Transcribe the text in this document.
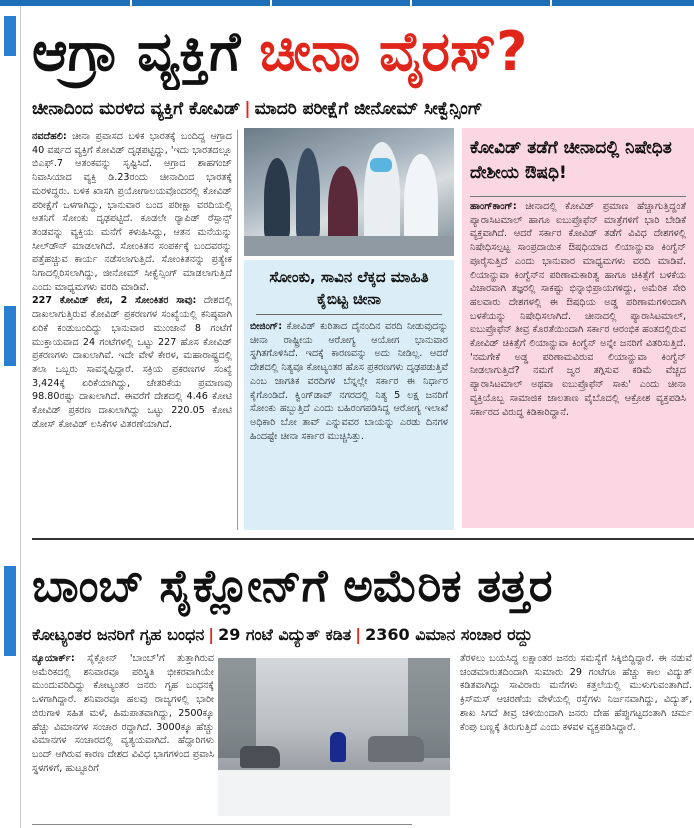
ಆಗ್ರಾ ವ್ಯಕ್ತಿಗೆ ಚೀನಾ ವೈರಸ್?
ಚೀನಾದಿಂದ ಮರಳಿದ ವ್ಯಕ್ತಿಗೆ ಕೋವಿಡ್ | ಮಾದರಿ ಪರೀಕ್ಷೆಗೆ ಜೀನೋಮ್ ಸೀಕ್ವೆನ್ಸಿಂಗ್
ನವದೆಹಲಿ: ಚೀನಾ ಪ್ರವಾಸದ ಬಳಿಕ ಭಾರತಕ್ಕೆ ಬಂದಿದ್ದ ಆಗ್ರಾದ 40 ವರ್ಷದ ವ್ಯಕ್ತಿಗೆ ಕೋವಿಡ್ ದೃಢಪಟ್ಟಿದ್ದು, 'ಇದು ಭಾರತದಲ್ಲೂ ಬಿಎಫ್.7 ಆತಂಕವನ್ನು ಸೃಷ್ಟಿಸಿದೆ. ಆಗ್ರಾದ ಶಾಹಗಂಜ್ ನಿವಾಸಿಯಾದ ವ್ಯಕ್ತಿ ಡಿ.23ರಂದು ಚೀನಾದಿಂದ ಭಾರತಕ್ಕೆ ಮರಳಿದ್ದರು. ಬಳಿಕ ಖಾಸಗಿ ಪ್ರಯೋಗಾಲಯವೊಂದರಲ್ಲಿ ಕೋವಿಡ್ ಪರೀಕ್ಷೆಗೆ ಒಳಗಾಗಿದ್ದು, ಭಾನುವಾರ ಬಂದ ಪರೀಕ್ಷಾ ವರದಿಯಲ್ಲಿ ಆತನಿಗೆ ಸೋಂಕು ದೃಢಪಟ್ಟಿದೆ. ಕೂಡಲೇ ರ‍್ಯಾಪಿಡ್ ರೆಸ್ಪಾನ್ಸ್ ತಂಡವನ್ನು ವ್ಯಕ್ತಿಯ ಮನೆಗೆ ಕಳುಹಿಸಿದ್ದು, ಆತನ ಮನೆಯನ್ನು ಸೀಲ್‌ಡೌನ್ ಮಾಡಲಾಗಿದೆ. ಸೋಂಕಿತನ ಸಂಪರ್ಕಕ್ಕೆ ಬಂದವರನ್ನು ಪತ್ತೆಹಚ್ಚುವ ಕಾರ್ಯ ನಡೆಸಲಾಗುತ್ತಿದೆ. ಸೋಂಕಿತನನ್ನು ಪ್ರತ್ಯೇಕ ನಿಗಾದಲ್ಲಿರಿಸಲಾಗಿದ್ದು, ಜೀನೋಮ್ ಸೀಕ್ವೆನ್ಸಿಂಗ್ ಮಾಡಲಾಗುತ್ತಿದೆ ಎಂದು ಮಾಧ್ಯಮಗಳು ವರದಿ ಮಾಡಿವೆ.
227 ಕೋವಿಡ್ ಕೇಸ, 2 ಸೋಂಕಿತರ ಸಾವು: ದೇಶದಲ್ಲಿ ದಾಖಲಾಗುತ್ತಿರುವ ಕೋವಿಡ್ ಪ್ರಕರಣಗಳ ಸಂಖ್ಯೆಯಲ್ಲಿ ಕನಿಷ್ಠವಾಗಿ ಏರಿಕೆ ಕಂಡುಬಂದಿದ್ದು ಭಾನುವಾರ ಮುಂಜಾನೆ 8 ಗಂಟೆಗೆ ಮುಕ್ತಾಯವಾದ 24 ಗಂಟೆಗಳಲ್ಲಿ ಒಟ್ಟು 227 ಹೊಸ ಕೋವಿಡ್ ಪ್ರಕರಣಗಳು ದಾಖಲಾಗಿವೆ. ಇದೇ ವೇಳೆ ಕೇರಳ, ಮಹಾರಾಷ್ಟ್ರದಲ್ಲಿ ತಲಾ ಒಬ್ಬರು ಸಾವನ್ನಪ್ಪಿದ್ದಾರೆ. ಸಕ್ರಿಯ ಪ್ರಕರಣಗಳ ಸಂಖ್ಯೆ 3,424ಕ್ಕೆ ಏರಿಕೆಯಾಗಿದ್ದು, ಚೇತರಿಕೆಯ ಪ್ರಮಾಣವು 98.80ರಷ್ಟು ದಾಖಲಾಗಿದೆ. ಈವರೆಗೆ ದೇಶದಲ್ಲಿ 4.46 ಕೋಟಿ ಕೋವಿಡ್ ಪ್ರಕರಣ ದಾಖಲಾಗಿದ್ದು ಒಟ್ಟು 220.05 ಕೋಟಿ ಡೋಸ್ ಕೋವಿಡ್ ಲಸಿಕೆಗಳ ವಿತರಣೆಯಾಗಿದೆ.
ಸೋಂಕು, ಸಾವಿನ ಲೆಕ್ಕದ ಮಾಹಿತಿ ಕೈಬಿಟ್ಟ ಚೀನಾ
ಬೀಜಿಂಗ್: ಕೋವಿಡ್ ಕುರಿತಾದ ದೈನಂದಿನ ವರದಿ ನೀಡುವುದನ್ನು ಚೀನಾ ರಾಷ್ಟ್ರೀಯ ಆರೋಗ್ಯ ಆಯೋಗ ಭಾನುವಾರ ಸ್ಥಗಿತಗೊಳಿಸಿದೆ. ಇದಕ್ಕೆ ಕಾರಣವನ್ನು ಅದು ನೀಡಿಲ್ಲ. ಆದರೆ ದೇಶದಲ್ಲಿ ನಿತ್ಯವೂ ಕೋಟ್ಯಂತರ ಹೊಸ ಪ್ರಕರಣಗಳು ದೃಢಪಡುತ್ತಿವೆ ಎಂಬ ಜಾಗತಿಕ ವರದಿಗಳ ಬೆನ್ನಲ್ಲೇ ಸರ್ಕಾರ ಈ ನಿರ್ಧಾರ ಕೈಗೊಂಡಿದೆ. ಕ್ವಿಂಗ್‌ಡಾವ್ ನಗರದಲ್ಲಿ ನಿತ್ಯ 5 ಲಕ್ಷ ಜನರಿಗೆ ಸೋಂಕು ಹಬ್ಬುತ್ತಿದೆ ಎಂದು ಬಹಿರಂಗಪಡಿಸಿದ್ದ ಆರೋಗ್ಯ ಇಲಾಖೆ ಅಧಿಕಾರಿ ಬೋ ತಾವ್ ಎನ್ನುವವರ ಬಾಯನ್ನು ಎರಡು ದಿನಗಳ ಹಿಂದಷ್ಟೇ ಚೀನಾ ಸರ್ಕಾರ ಮುಚ್ಚಿಸಿತ್ತು.
ಕೋವಿಡ್ ತಡೆಗೆ ಚೀನಾದಲ್ಲಿ ನಿಷೇಧಿತ ದೇಶೀಯ ಔಷಧಿ!
ಹಾಂಗ್‌ಕಾಂಗ್: ಚೀನಾದಲ್ಲಿ ಕೋವಿಡ್ ಪ್ರಮಾಣ ಹೆಚ್ಚಾಗುತ್ತಿದ್ದಂತೆ ಪ್ಯಾರಾಸಿಟಮಾಲ್ ಹಾಗೂ ಐಬುಪ್ರೊಫೆನ್ ಮಾತ್ರೆಗಳಿಗೆ ಭಾರಿ ಬೇಡಿಕೆ ವ್ಯಕ್ತವಾಗಿದೆ. ಆದರೆ ಸರ್ಕಾರ ಕೋವಿಡ್ ತಡೆಗೆ ವಿವಿಧ ದೇಶಗಳಲ್ಲಿ ನಿಷೇಧಿಸಲ್ಪಟ್ಟ ಸಾಂಪ್ರದಾಯಿಕ ಔಷಧಿಯಾದ ಲಿಯಾನ್ಹುವಾ ಕಿಂಗ್ವೆನ್ ಪೂರೈಸುತ್ತಿದೆ ಎಂದು ಭಾನುವಾರ ಮಾಧ್ಯಮಗಳು ವರದಿ ಮಾಡಿವೆ. ಲಿಯಾನ್ಹುವಾ ಕಿಂಗ್ವೆನ್‌ನ ಪರಿಣಾಮಕಾರಿತ್ವ ಹಾಗೂ ಚಿಕಿತ್ಸೆಗೆ ಬಳಕೆಯ ವಿಚಾರವಾಗಿ ತಜ್ಞರಲ್ಲಿ ಸಾಕಷ್ಟು ಭಿನ್ನಾಭಿಪ್ರಾಯಗಳಿದ್ದು, ಅಮೆರಿಕ ಸೇರಿ ಹಲವಾರು ದೇಶಗಳಲ್ಲಿ ಈ ಔಷಧಿಯ ಅಡ್ಡ ಪರಿಣಾಮಗಳಿಂದಾಗಿ ಬಳಕೆಯನ್ನು ನಿಷೇಧಿಸಲಾಗಿದೆ. ಚೀನಾದಲ್ಲಿ ಪ್ಯಾರಾಸಿಟಮಾಲ್, ಐಬುಪ್ರೊಫೆನ್ ತೀವ್ರ ಕೊರತೆಯಿಂದಾಗಿ ಸರ್ಕಾರ ಆರಂಭಿಕ ಹಂತದಲ್ಲಿರುವ ಕೋವಿಡ್ ಚಿಕಿತ್ಸೆಗೆ ಲಿಯಾನ್ಹುವಾ ಕಿಂಗ್ವೆನ್ ಅನ್ನೇ ಜನರಿಗೆ ವಿತರಿಸುತ್ತಿದೆ. 'ನಮಗೇಕೆ ಅಡ್ಡ ಪರಿಣಾಮವಿರುವ ಲಿಯಾನ್ಹುವಾ ಕಿಂಗ್ವೆನ್ ನೀಡಲಾಗುತ್ತಿದೆ? ನಮಗೆ ಜ್ವರ ತಗ್ಗಿಸುವ ಕಡಿಮೆ ವೆಚ್ಚದ ಪ್ಯಾರಾಸಿಟಮಾಲ್ ಅಥವಾ ಐಬುಪ್ರೊಫೆನ್ ಸಾಕು' ಎಂದು ಚೀನಾ ವ್ಯಕ್ತಿಯೊಬ್ಬ ಸಾಮಾಜಿಕ ಜಾಲತಾಣ ವೈಬೊದಲ್ಲಿ ಆಕ್ರೋಶ ವ್ಯಕ್ತಪಡಿಸಿ ಸರ್ಕಾರದ ವಿರುದ್ಧ ಕಿಡಿಕಾರಿದ್ದಾನೆ.
ಬಾಂಬ್ ಸೈಕ್ಲೋನ್‌ಗೆ ಅಮೆರಿಕ ತತ್ತರ
ಕೋಟ್ಯಂತರ ಜನರಿಗೆ ಗೃಹ ಬಂಧನ | 29 ಗಂಟೆ ವಿದ್ಯುತ್ ಕಡಿತ | 2360 ವಿಮಾನ ಸಂಚಾರ ರದ್ದು
ನ್ಯೂಯಾರ್ಕ್: ಸೈಕ್ಲೋನ್ 'ಬಾಂಬ್'ಗೆ ತುತ್ತಾಗಿರುವ ಅಮೆರಿಕದಲ್ಲಿ ಶನಿವಾರವೂ ಪರಿಸ್ಥಿತಿ ಭೀಕರವಾಗಿಯೇ ಮುಂದುವರಿದಿದ್ದು ಕೋಟ್ಯಂತರ ಜನರು ಗೃಹ ಬಂಧನಕ್ಕೆ ಒಳಗಾಗಿದ್ದಾರೆ. ಶನಿವಾರವೂ ಹಲವು ರಾಜ್ಯಗಳಲ್ಲಿ ಭಾರೀ ಬಿರುಗಾಳಿ ಸಹಿತ ಮಳೆ, ಹಿಮಪಾತವಾಗಿದ್ದು, 2500ಕ್ಕೂ ಹೆಚ್ಚು ವಿಮಾನಗಳ ಸಂಚಾರ ರದ್ದಾಗಿದೆ. 3000ಕ್ಕೂ ಹೆಚ್ಚು ವಿಮಾನಗಳ ಸಂಚಾರದಲ್ಲಿ ವ್ಯತ್ಯಯವಾಗಿದೆ. ಹೆದ್ದಾರಿಗಳು ಬಂದ್ ಆಗಿರುವ ಕಾರಣ ದೇಶದ ವಿವಿಧ ಭಾಗಗಳಿಂದ ಪ್ರವಾಸಿ ಸ್ಥಳಗಳಿಗೆ, ಹುಟ್ಟೂರಿಗೆ
ತೆರಳಲು ಬಯಸಿದ್ದ ಲಕ್ಷಾಂತರ ಜನರು ಸಮಸ್ಯೆಗೆ ಸಿಕ್ಕಿಬಿದ್ದಿದ್ದಾರೆ. ಈ ನಡುವೆ ಚಂಡಮಾರುತದಿಂದಾಗಿ ಸುಮಾರು 29 ಗಂಟೆಗೂ ಹೆಚ್ಚು ಕಾಲ ವಿದ್ಯುತ್ ಕಡಿತವಾಗಿದ್ದು ಸಾವಿರಾರು ಮನೆಗಳು ಕತ್ತಲೆಯಲ್ಲಿ ಮುಳುಗುವಂತಾಗಿದೆ. ಕ್ರಿಸ್‌ಮಸ್ ಆಚರಣೆಯ ವೇಳೆಯಲ್ಲಿ ರಸ್ತೆಗಳು ನಿರ್ಜನವಾಗಿದ್ದು, ವಿದ್ಯುತ್, ಶಾಖ ಸಿಗದೆ ತೀವ್ರ ಚಳಿಯಿಂದಾಗಿ ಜನರು ದೇಹ ಹೆಪ್ಪುಗಟ್ಟದಂತಾಗಿ ಚರ್ಮ ಕೆಂಪು ಬಣ್ಣಕ್ಕೆ ತಿರುಗುತ್ತಿದೆ ಎಂದು ಕಳವಳ ವ್ಯಕ್ತಪಡಿಸಿದ್ದಾರೆ.
